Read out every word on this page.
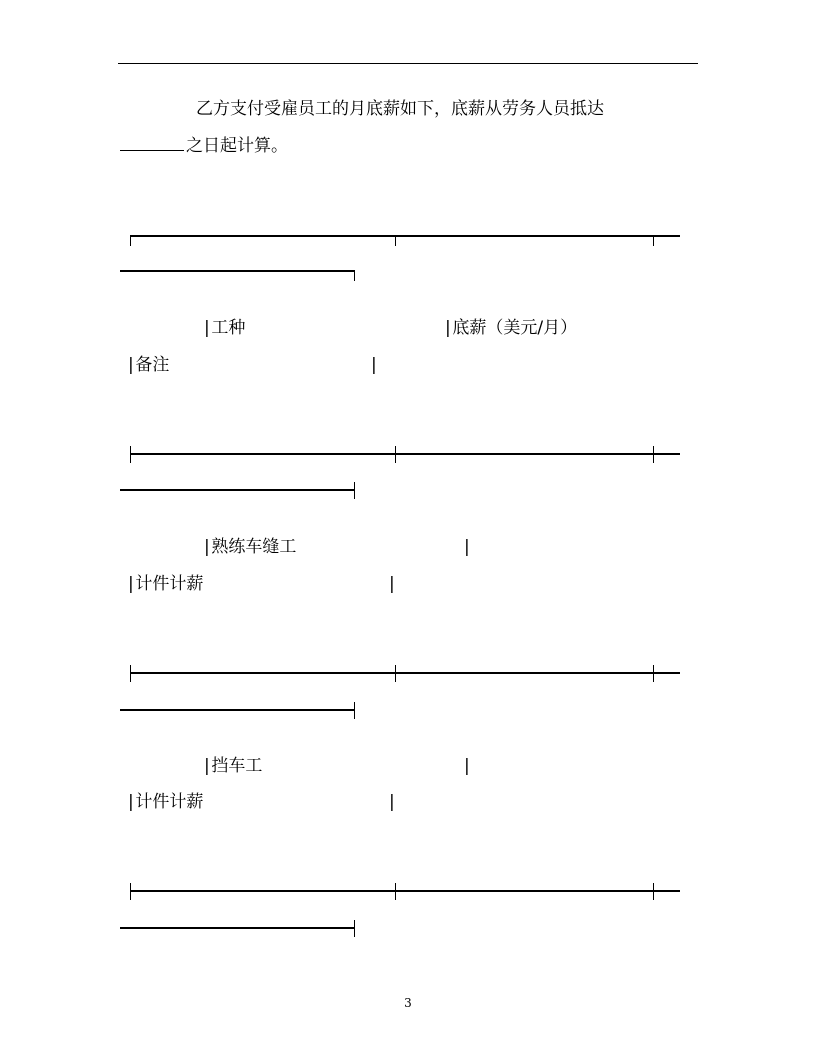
乙方支付受雇员工的月底薪如下，底薪从劳务人员抵达
之日起计算。
| 工种	| 底薪（美元/月）
| 备注	|
| 熟练车缝工	|
| 计件计薪	|
| 挡车工	|
| 计件计薪	|
3
